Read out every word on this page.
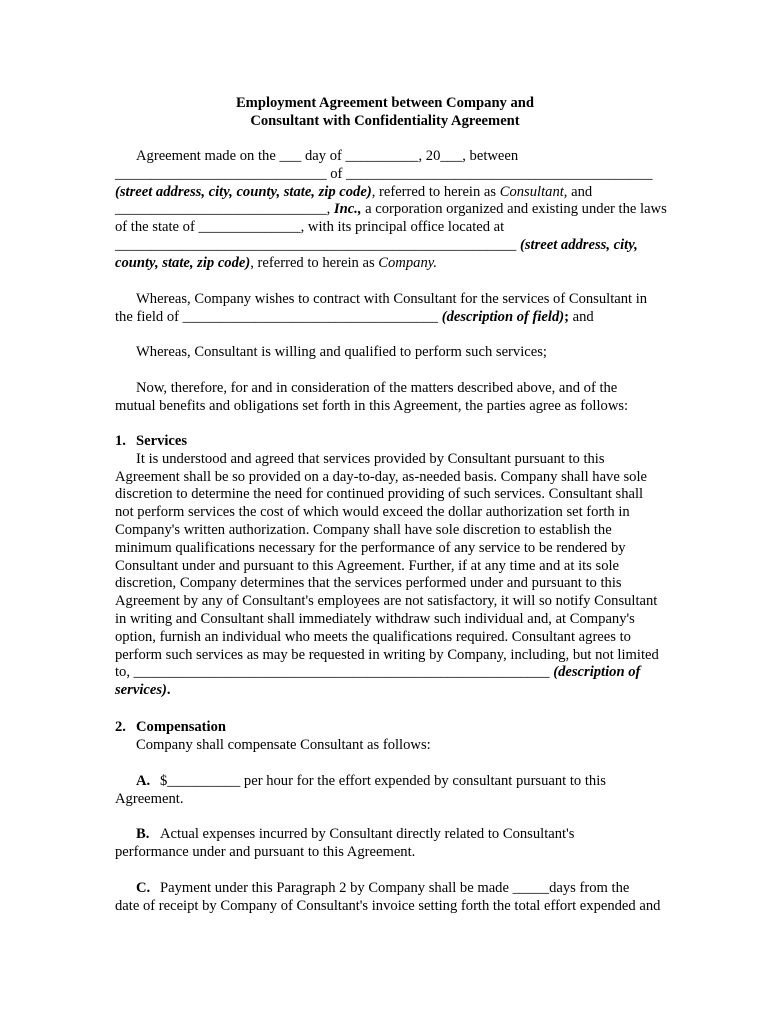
Employment Agreement between Company and
Consultant with Confidentiality Agreement
Agreement made on the ___ day of __________, 20___, between
_____________________________ of __________________________________________
(street address, city, county, state, zip code), referred to herein as Consultant, and
_____________________________, Inc., a corporation organized and existing under the laws
of the state of ______________, with its principal office located at
_______________________________________________________ (street address, city,
county, state, zip code), referred to herein as Company.
Whereas, Company wishes to contract with Consultant for the services of Consultant in
the field of ___________________________________ (description of field); and
Whereas, Consultant is willing and qualified to perform such services;
Now, therefore, for and in consideration of the matters described above, and of the
mutual benefits and obligations set forth in this Agreement, the parties agree as follows:
1. Services
It is understood and agreed that services provided by Consultant pursuant to this
Agreement shall be so provided on a day-to-day, as-needed basis. Company shall have sole
discretion to determine the need for continued providing of such services. Consultant shall
not perform services the cost of which would exceed the dollar authorization set forth in
Company's written authorization. Company shall have sole discretion to establish the
minimum qualifications necessary for the performance of any service to be rendered by
Consultant under and pursuant to this Agreement. Further, if at any time and at its sole
discretion, Company determines that the services performed under and pursuant to this
Agreement by any of Consultant's employees are not satisfactory, it will so notify Consultant
in writing and Consultant shall immediately withdraw such individual and, at Company's
option, furnish an individual who meets the qualifications required. Consultant agrees to
perform such services as may be requested in writing by Company, including, but not limited
to, _________________________________________________________ (description of
services).
2. Compensation
Company shall compensate Consultant as follows:
A. $__________ per hour for the effort expended by consultant pursuant to this
Agreement.
B. Actual expenses incurred by Consultant directly related to Consultant's
performance under and pursuant to this Agreement.
C. Payment under this Paragraph 2 by Company shall be made _____days from the
date of receipt by Company of Consultant's invoice setting forth the total effort expended and
